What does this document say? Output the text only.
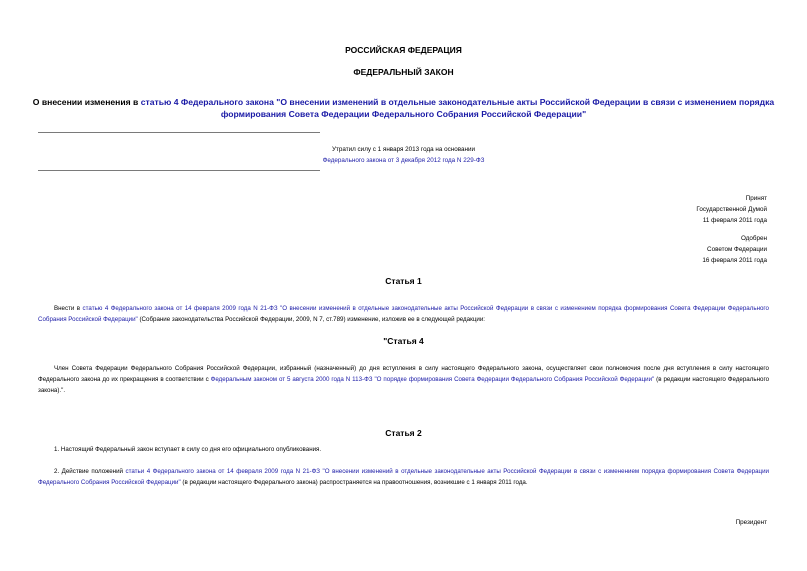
РОССИЙСКАЯ ФЕДЕРАЦИЯ
ФЕДЕРАЛЬНЫЙ ЗАКОН
О внесении изменения в статью 4 Федерального закона "О внесении изменений в отдельные законодательные акты Российской Федерации в связи с изменением порядка формирования Совета Федерации Федерального Собрания Российской Федерации"
Утратил силу с 1 января 2013 года на основании
Федерального закона от 3 декабря 2012 года N 229-ФЗ
Принят
Государственной Думой
11 февраля 2011 года
Одобрен
Советом Федерации
16 февраля 2011 года
Статья 1
Внести в статью 4 Федерального закона от 14 февраля 2009 года N 21-ФЗ "О внесении изменений в отдельные законодательные акты Российской Федерации в связи с изменением порядка формирования Совета Федерации Федерального Собрания Российской Федерации" (Собрание законодательства Российской Федерации, 2009, N 7, ст.789) изменение, изложив ее в следующей редакции:
"Статья 4
Член Совета Федерации Федерального Собрания Российской Федерации, избранный (назначенный) до дня вступления в силу настоящего Федерального закона, осуществляет свои полномочия после дня вступления в силу настоящего Федерального закона до их прекращения в соответствии с Федеральным законом от 5 августа 2000 года N 113-ФЗ "О порядке формирования Совета Федерации Федерального Собрания Российской Федерации" (в редакции настоящего Федерального закона).".
Статья 2
1. Настоящий Федеральный закон вступает в силу со дня его официального опубликования.
2. Действие положений статьи 4 Федерального закона от 14 февраля 2009 года N 21-ФЗ "О внесении изменений в отдельные законодательные акты Российской Федерации в связи с изменением порядка формирования Совета Федерации Федерального Собрания Российской Федерации" (в редакции настоящего Федерального закона) распространяется на правоотношения, возникшие с 1 января 2011 года.
Президент
